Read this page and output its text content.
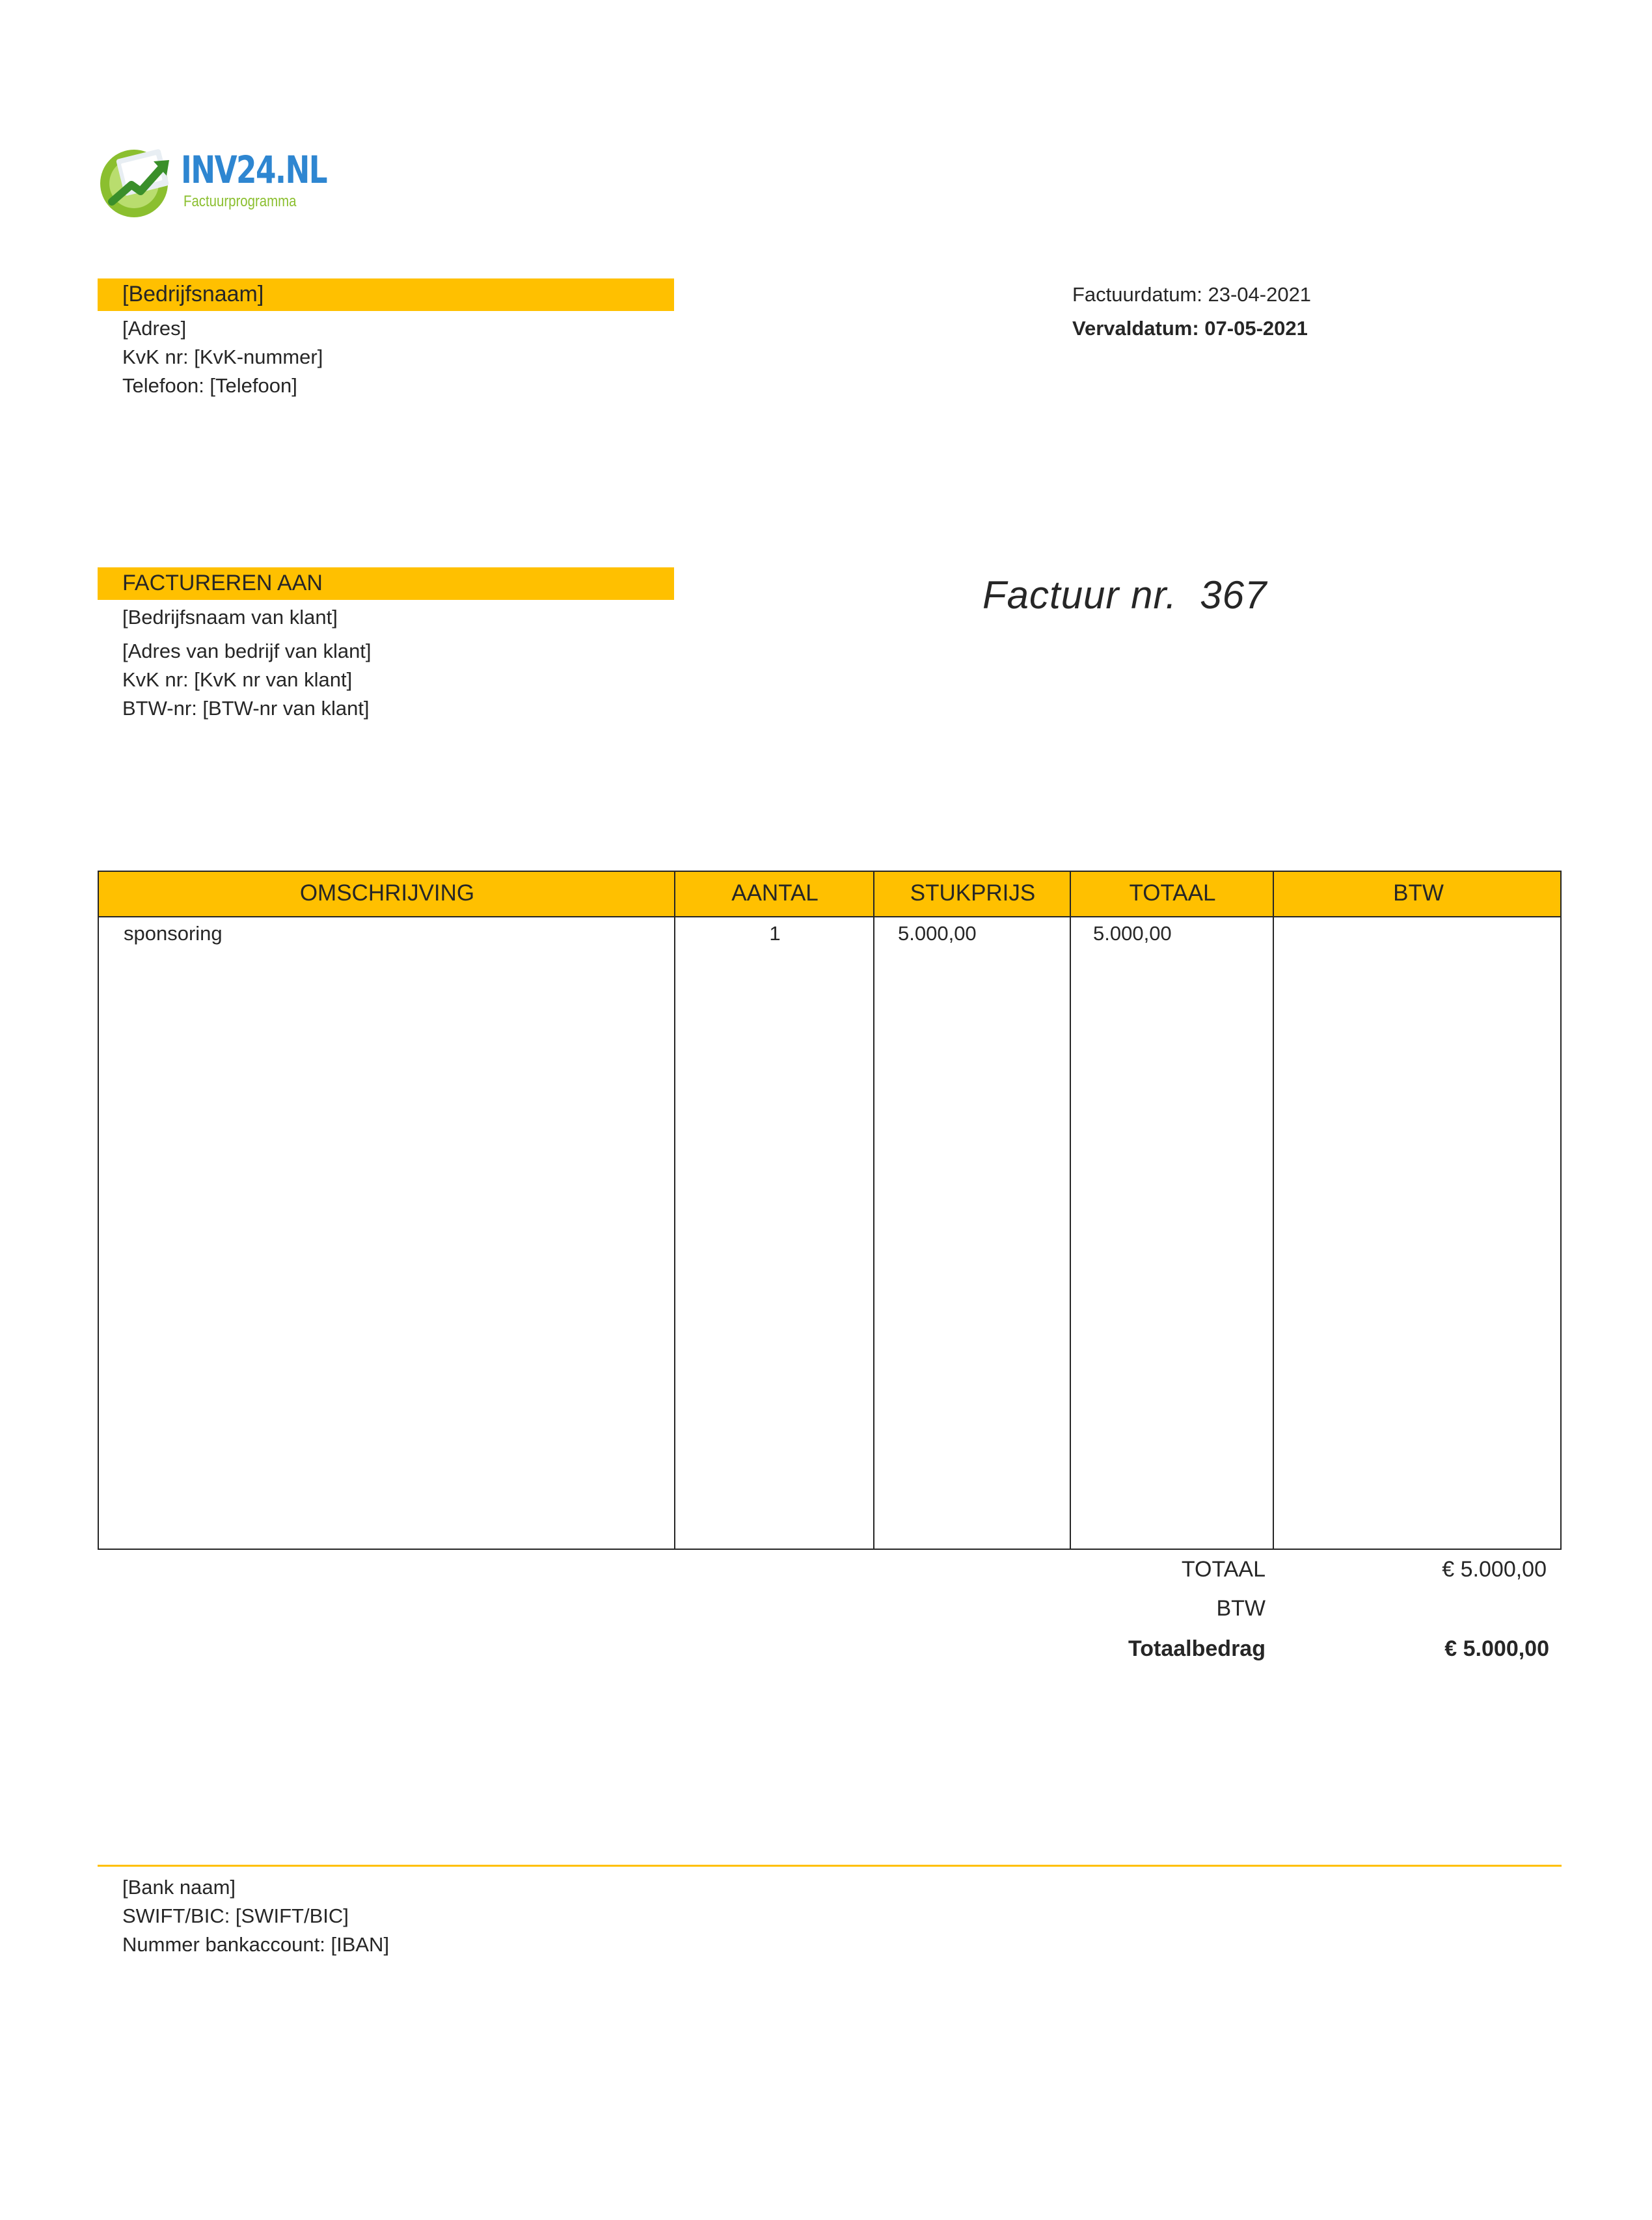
INV24.NL
Factuurprogramma
[Bedrijfsnaam]
[Adres]
KvK nr: [KvK-nummer]
Telefoon: [Telefoon]
Factuurdatum: 23-04-2021
Vervaldatum: 07-05-2021
FACTUREREN AAN
[Bedrijfsnaam van klant]
[Adres van bedrijf van klant]
KvK nr: [KvK nr van klant]
BTW-nr: [BTW-nr van klant]
Factuur nr. 367
OMSCHRIJVING	AANTAL	STUKPRIJS	TOTAAL	BTW
sponsoring	1	5.000,00	5.000,00
TOTAAL	€ 5.000,00
BTW
Totaalbedrag	€ 5.000,00
[Bank naam]
SWIFT/BIC: [SWIFT/BIC]
Nummer bankaccount: [IBAN]
